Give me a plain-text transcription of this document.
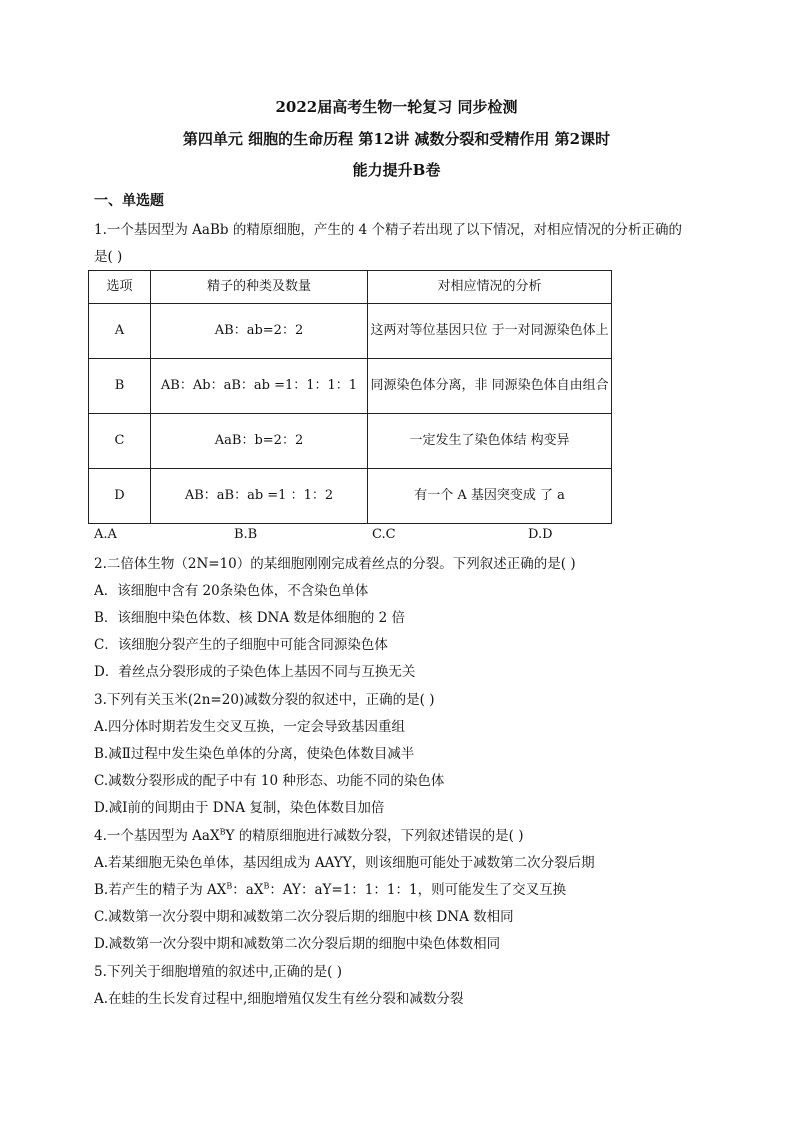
2022届高考生物一轮复习 同步检测
第四单元 细胞的生命历程 第12讲 减数分裂和受精作用 第2课时
能力提升B卷
一、单选题
1.一个基因型为 AaBb 的精原细胞，产生的 4 个精子若出现了以下情况，对相应情况的分析正确的
是( )
选项	精子的种类及数量	对相应情况的分析
A	AB：ab=2：2	这两对等位基因只位 于一对同源染色体上
B	AB：Ab：aB：ab =1：1：1：1	同源染色体分离，非 同源染色体自由组合
C	AaB：b=2：2	一定发生了染色体结 构变异
D	AB：aB：ab =1 ：1：2	有一个 A 基因突变成 了 a
A.A	B.B	C.C	D.D
2.二倍体生物（2N=10）的某细胞刚刚完成着丝点的分裂。下列叙述正确的是( )
A．该细胞中含有 20条染色体，不含染色单体
B．该细胞中染色体数、核 DNA 数是体细胞的 2 倍
C．该细胞分裂产生的子细胞中可能含同源染色体
D．着丝点分裂形成的子染色体上基因不同与互换无关
3.下列有关玉米(2n=20)减数分裂的叙述中，正确的是( )
A.四分体时期若发生交叉互换，一定会导致基因重组
B.减Ⅱ过程中发生染色单体的分离，使染色体数目减半
C.减数分裂形成的配子中有 10 种形态、功能不同的染色体
D.减Ⅰ前的间期由于 DNA 复制，染色体数目加倍
4.一个基因型为 AaX$^B$Y 的精原细胞进行减数分裂，下列叙述错误的是( )
A.若某细胞无染色单体，基因组成为 AAYY，则该细胞可能处于减数第二次分裂后期
B.若产生的精子为 $AX^B$：$aX^B$：AY：aY=1：1：1：1，则可能发生了交叉互换
C.减数第一次分裂中期和减数第二次分裂后期的细胞中核 DNA 数相同
D.减数第一次分裂中期和减数第二次分裂后期的细胞中染色体数相同
5.下列关于细胞增殖的叙述中,正确的是( )
A.在蛙的生长发育过程中,细胞增殖仅发生有丝分裂和减数分裂
